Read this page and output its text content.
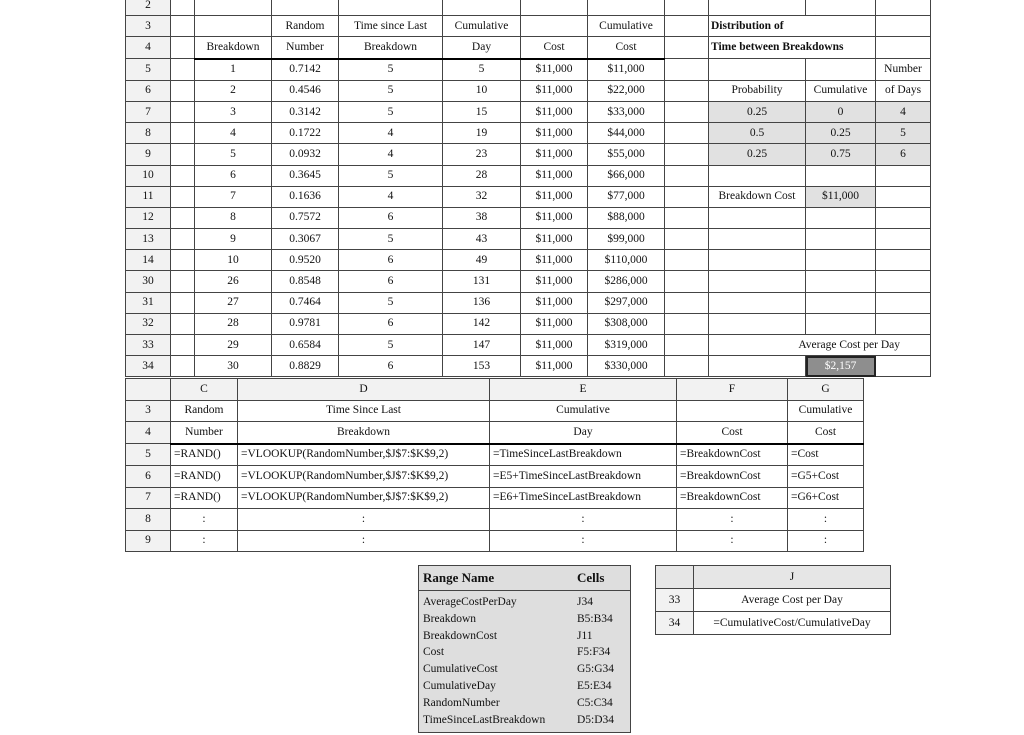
2											
3			Random	Time since Last	Cumulative		Cumulative		Distribution of		
4		Breakdown	Number	Breakdown	Day	Cost	Cost		Time between Breakdowns		
5		1	0.7142	5	5	$11,000	$11,000				Number
6		2	0.4546	5	10	$11,000	$22,000		Probability	Cumulative	of Days
7		3	0.3142	5	15	$11,000	$33,000		0.25	0	4
8		4	0.1722	4	19	$11,000	$44,000		0.5	0.25	5
9		5	0.0932	4	23	$11,000	$55,000		0.25	0.75	6
10		6	0.3645	5	28	$11,000	$66,000				
11		7	0.1636	4	32	$11,000	$77,000		Breakdown Cost	$11,000	
12		8	0.7572	6	38	$11,000	$88,000				
13		9	0.3067	5	43	$11,000	$99,000				
14		10	0.9520	6	49	$11,000	$110,000				
30		26	0.8548	6	131	$11,000	$286,000				
31		27	0.7464	5	136	$11,000	$297,000				
32		28	0.9781	6	142	$11,000	$308,000				
33		29	0.6584	5	147	$11,000	$319,000		Average Cost per Day		
34		30	0.8829	6	153	$11,000	$330,000			$2,157	
	C	D	E	F	G
3	Random	Time Since Last	Cumulative		Cumulative
4	Number	Breakdown	Day	Cost	Cost
5	=RAND()	=VLOOKUP(RandomNumber,$J$7:$K$9,2)	=TimeSinceLastBreakdown	=BreakdownCost	=Cost
6	=RAND()	=VLOOKUP(RandomNumber,$J$7:$K$9,2)	=E5+TimeSinceLastBreakdown	=BreakdownCost	=G5+Cost
7	=RAND()	=VLOOKUP(RandomNumber,$J$7:$K$9,2)	=E6+TimeSinceLastBreakdown	=BreakdownCost	=G6+Cost
8	:	:	:	:	:
9	:	:	:	:	:
Range Name	Cells
AverageCostPerDay	J34
Breakdown	B5:B34
BreakdownCost	J11
Cost	F5:F34
CumulativeCost	G5:G34
CumulativeDay	E5:E34
RandomNumber	C5:C34
TimeSinceLastBreakdown	D5:D34
	J
33	Average Cost per Day
34	=CumulativeCost/CumulativeDay
